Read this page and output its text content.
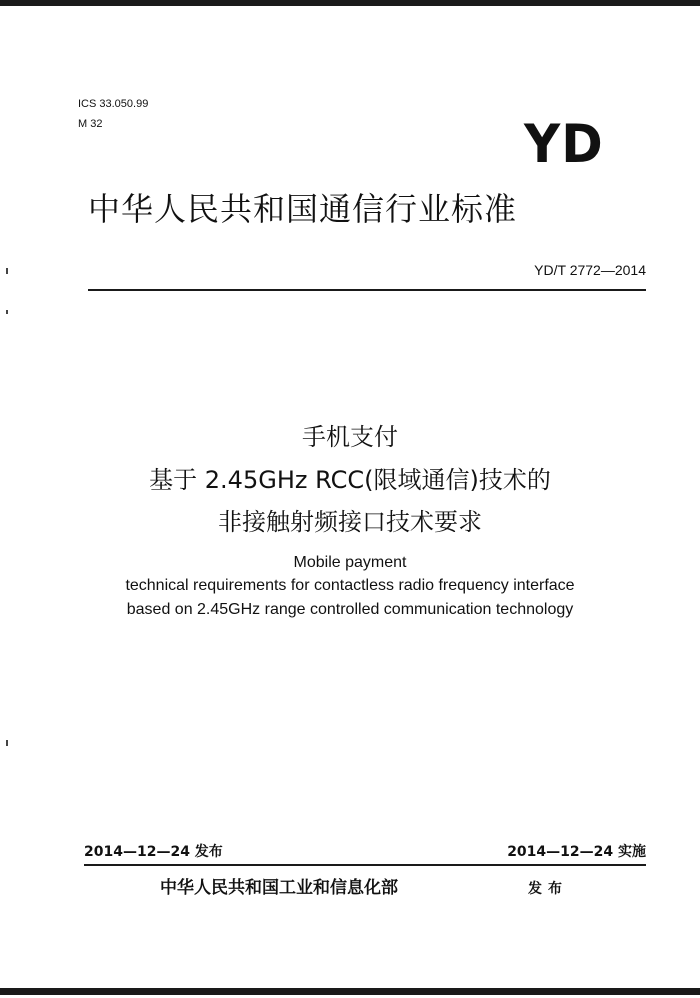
ICS 33.050.99
M 32	YD
中华人民共和国通信行业标准
YD/T 2772—2014
手机支付
基于 2.45GHz RCC(限域通信)技术的
非接触射频接口技术要求
Mobile payment
technical requirements for contactless radio frequency interface
based on 2.45GHz range controlled communication technology
2014—12—24 发布	2014—12—24 实施
中华人民共和国工业和信息化部	发布
